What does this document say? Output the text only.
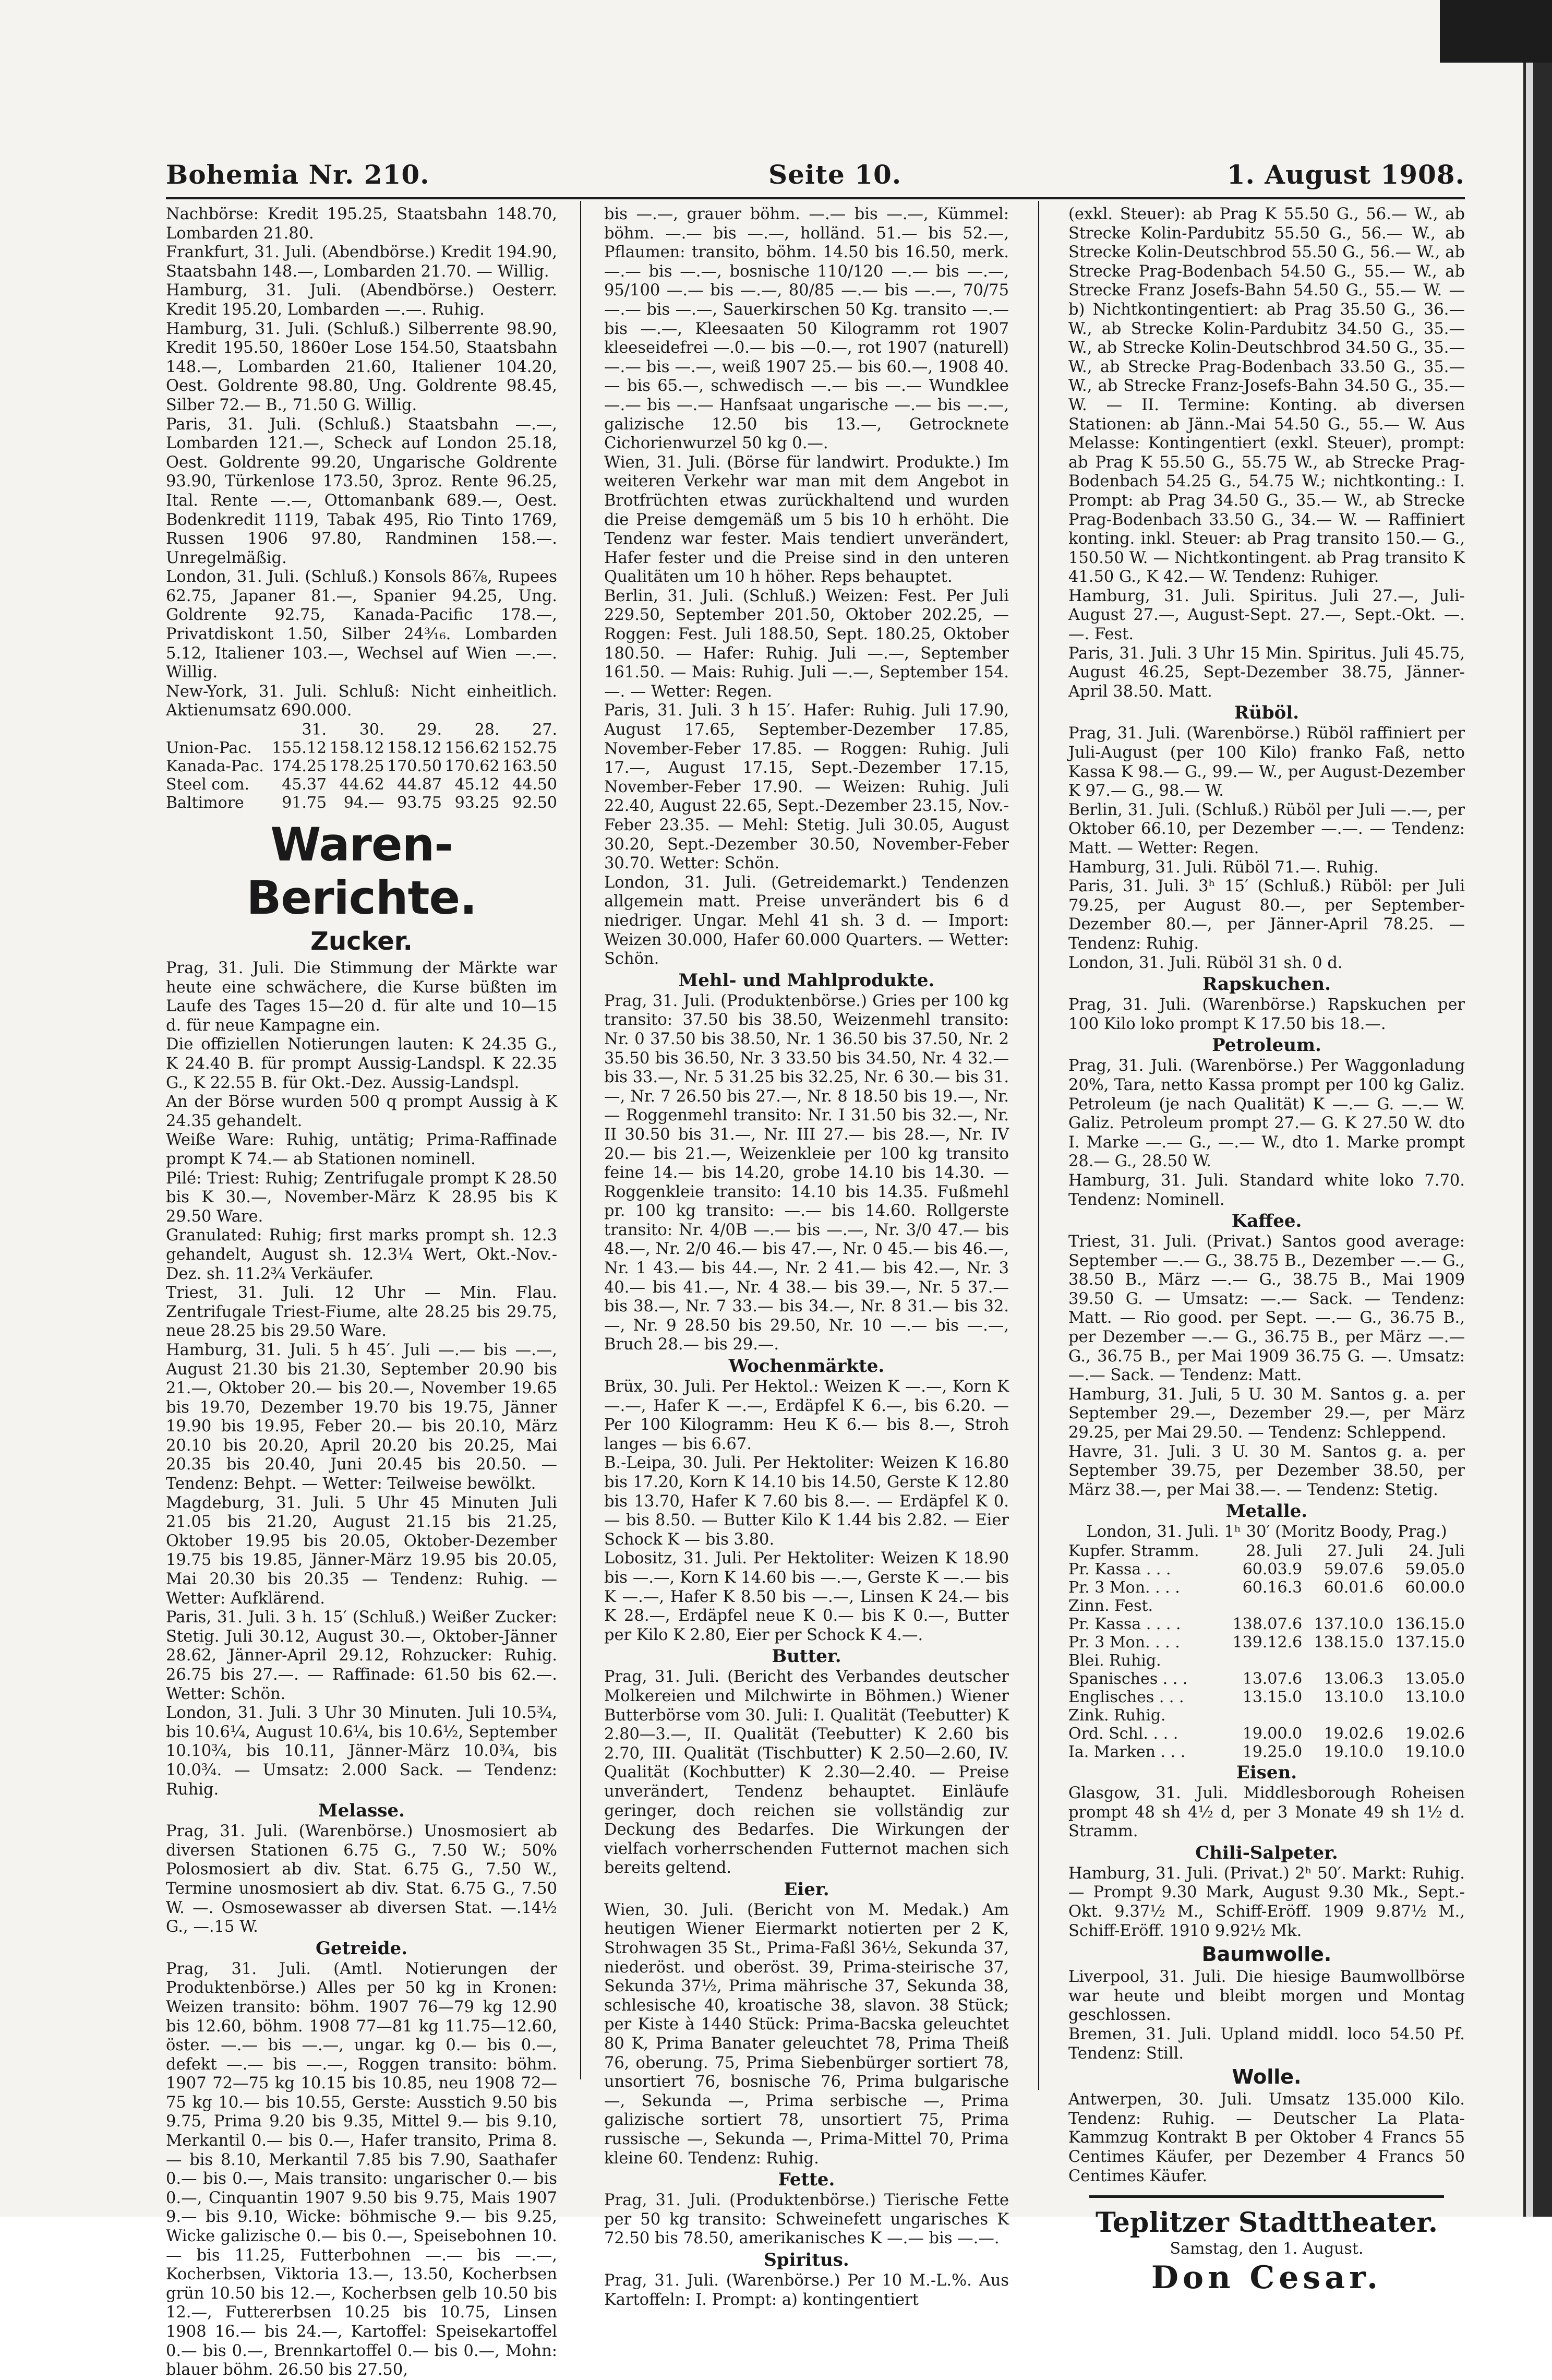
Bohemia Nr. 210.	Seite 10.	1. August 1908.

Nachbörse: Kredit 195.25, Staatsbahn 148.70, Lombarden 21.80.

Frankfurt, 31. Juli. (Abendbörse.) Kredit 194.90, Staatsbahn 148.—, Lombarden 21.70. — Willig.

Hamburg, 31. Juli. (Abendbörse.) Oesterr. Kredit 195.20, Lombarden —.—. Ruhig.

Hamburg, 31. Juli. (Schluß.) Silberrente 98.90, Kredit 195.50, 1860er Lose 154.50, Staatsbahn 148.—, Lombarden 21.60, Italiener 104.20, Oest. Goldrente 98.80, Ung. Goldrente 98.45, Silber 72.— B., 71.50 G. Willig.

Paris, 31. Juli. (Schluß.) Staatsbahn —.—, Lombarden 121.—, Scheck auf London 25.18, Oest. Goldrente 99.20, Ungarische Goldrente 93.90, Türkenlose 173.50, 3proz. Rente 96.25, Ital. Rente —.—, Ottomanbank 689.—, Oest. Bodenkredit 1119, Tabak 495, Rio Tinto 1769, Russen 1906 97.80, Randminen 158.—. Unregelmäßig.

London, 31. Juli. (Schluß.) Konsols 86⅞, Rupees 62.75, Japaner 81.—, Spanier 94.25, Ung. Goldrente 92.75, Kanada-Pacific 178.—, Privatdiskont 1.50, Silber 24³⁄₁₆. Lombarden 5.12, Italiener 103.—, Wechsel auf Wien —.—. Willig.

New-York, 31. Juli. Schluß: Nicht einheitlich. Aktienumsatz 690.000.

	31.	30.	29.	28.	27.
Union-Pac.	155.12	158.12	158.12	156.62	152.75
Kanada-Pac.	174.25	178.25	170.50	170.62	163.50
Steel com.	45.37	44.62	44.87	45.12	44.50
Baltimore	91.75	94.—	93.75	93.25	92.50
Waren-Berichte.
Zucker.

Prag, 31. Juli. Die Stimmung der Märkte war heute eine schwächere, die Kurse büßten im Laufe des Tages 15—20 d. für alte und 10—15 d. für neue Kampagne ein.

Die offiziellen Notierungen lauten: K 24.35 G., K 24.40 B. für prompt Aussig-Landspl. K 22.35 G., K 22.55 B. für Okt.-Dez. Aussig-Landspl.

An der Börse wurden 500 q prompt Aussig à K 24.35 gehandelt.

Weiße Ware: Ruhig, untätig; Prima-Raffinade prompt K 74.— ab Stationen nominell.

Pilé: Triest: Ruhig; Zentrifugale prompt K 28.50 bis K 30.—, November-März K 28.95 bis K 29.50 Ware.

Granulated: Ruhig; first marks prompt sh. 12.3 gehandelt, August sh. 12.3¼ Wert, Okt.-Nov.-Dez. sh. 11.2¾ Verkäufer.

Triest, 31. Juli. 12 Uhr — Min. Flau. Zentrifugale Triest-Fiume, alte 28.25 bis 29.75, neue 28.25 bis 29.50 Ware.

Hamburg, 31. Juli. 5 h 45′. Juli —.— bis —.—, August 21.30 bis 21.30, September 20.90 bis 21.—, Oktober 20.— bis 20.—, November 19.65 bis 19.70, Dezember 19.70 bis 19.75, Jänner 19.90 bis 19.95, Feber 20.— bis 20.10, März 20.10 bis 20.20, April 20.20 bis 20.25, Mai 20.35 bis 20.40, Juni 20.45 bis 20.50. — Tendenz: Behpt. — Wetter: Teilweise bewölkt.

Magdeburg, 31. Juli. 5 Uhr 45 Minuten Juli 21.05 bis 21.20, August 21.15 bis 21.25, Oktober 19.95 bis 20.05, Oktober-Dezember 19.75 bis 19.85, Jänner-März 19.95 bis 20.05, Mai 20.30 bis 20.35 — Tendenz: Ruhig. — Wetter: Aufklärend.

Paris, 31. Juli. 3 h. 15′ (Schluß.) Weißer Zucker: Stetig. Juli 30.12, August 30.—, Oktober-Jänner 28.62, Jänner-April 29.12, Rohzucker: Ruhig. 26.75 bis 27.—. — Raffinade: 61.50 bis 62.—. Wetter: Schön.

London, 31. Juli. 3 Uhr 30 Minuten. Juli 10.5¾, bis 10.6¼, August 10.6¼, bis 10.6½, September 10.10¾, bis 10.11, Jänner-März 10.0¾, bis 10.0¾. — Umsatz: 2.000 Sack. — Tendenz: Ruhig.

Melasse.

Prag, 31. Juli. (Warenbörse.) Unosmosiert ab diversen Stationen 6.75 G., 7.50 W.; 50% Polosmosiert ab div. Stat. 6.75 G., 7.50 W., Termine unosmosiert ab div. Stat. 6.75 G., 7.50 W. —. Osmosewasser ab diversen Stat. —.14½ G., —.15 W.

Getreide.

Prag, 31. Juli. (Amtl. Notierungen der Produktenbörse.) Alles per 50 kg in Kronen: Weizen transito: böhm. 1907 76—79 kg 12.90 bis 12.60, böhm. 1908 77—81 kg 11.75—12.60, öster. —.— bis —.—, ungar. kg 0.— bis 0.—, defekt —.— bis —.—, Roggen transito: böhm. 1907 72—75 kg 10.15 bis 10.85, neu 1908 72—75 kg 10.— bis 10.55, Gerste: Ausstich 9.50 bis 9.75, Prima 9.20 bis 9.35, Mittel 9.— bis 9.10, Merkantil 0.— bis 0.—, Hafer transito, Prima 8.— bis 8.10, Merkantil 7.85 bis 7.90, Saathafer 0.— bis 0.—, Mais transito: ungarischer 0.— bis 0.—, Cinquantin 1907 9.50 bis 9.75, Mais 1907 9.— bis 9.10, Wicke: böhmische 9.— bis 9.25, Wicke galizische 0.— bis 0.—, Speisebohnen 10.— bis 11.25, Futterbohnen —.— bis —.—, Kocherbsen, Viktoria 13.—, 13.50, Kocherbsen grün 10.50 bis 12.—, Kocherbsen gelb 10.50 bis 12.—, Futtererbsen 10.25 bis 10.75, Linsen 1908 16.— bis 24.—, Kartoffel: Speisekartoffel 0.— bis 0.—, Brennkartoffel 0.— bis 0.—, Mohn: blauer böhm. 26.50 bis 27.50,

bis —.—, grauer böhm. —.— bis —.—, Kümmel: böhm. —.— bis —.—, holländ. 51.— bis 52.—, Pflaumen: transito, böhm. 14.50 bis 16.50, merk. —.— bis —.—, bosnische 110/120 —.— bis —.—, 95/100 —.— bis —.—, 80/85 —.— bis —.—, 70/75 —.— bis —.—, Sauerkirschen 50 Kg. transito —.— bis —.—, Kleesaaten 50 Kilogramm rot 1907 kleeseidefrei —.0.— bis —0.—, rot 1907 (naturell) —.— bis —.—, weiß 1907 25.— bis 60.—, 1908 40.— bis 65.—, schwedisch —.— bis —.— Wundklee —.— bis —.— Hanfsaat ungarische —.— bis —.—, galizische 12.50 bis 13.—, Getrocknete Cichorienwurzel 50 kg 0.—.

Wien, 31. Juli. (Börse für landwirt. Produkte.) Im weiteren Verkehr war man mit dem Angebot in Brotfrüchten etwas zurückhaltend und wurden die Preise demgemäß um 5 bis 10 h erhöht. Die Tendenz war fester. Mais tendiert unverändert, Hafer fester und die Preise sind in den unteren Qualitäten um 10 h höher. Reps behauptet.

Berlin, 31. Juli. (Schluß.) Weizen: Fest. Per Juli 229.50, September 201.50, Oktober 202.25, — Roggen: Fest. Juli 188.50, Sept. 180.25, Oktober 180.50. — Hafer: Ruhig. Juli —.—, September 161.50. — Mais: Ruhig. Juli —.—, September 154.—. — Wetter: Regen.

Paris, 31. Juli. 3 h 15′. Hafer: Ruhig. Juli 17.90, August 17.65, September-Dezember 17.85, November-Feber 17.85. — Roggen: Ruhig. Juli 17.—, August 17.15, Sept.-Dezember 17.15, November-Feber 17.90. — Weizen: Ruhig. Juli 22.40, August 22.65, Sept.-Dezember 23.15, Nov.-Feber 23.35. — Mehl: Stetig. Juli 30.05, August 30.20, Sept.-Dezember 30.50, November-Feber 30.70. Wetter: Schön.

London, 31. Juli. (Getreidemarkt.) Tendenzen allgemein matt. Preise unverändert bis 6 d niedriger. Ungar. Mehl 41 sh. 3 d. — Import: Weizen 30.000, Hafer 60.000 Quarters. — Wetter: Schön.

Mehl- und Mahlprodukte.

Prag, 31. Juli. (Produktenbörse.) Gries per 100 kg transito: 37.50 bis 38.50, Weizenmehl transito: Nr. 0 37.50 bis 38.50, Nr. 1 36.50 bis 37.50, Nr. 2 35.50 bis 36.50, Nr. 3 33.50 bis 34.50, Nr. 4 32.— bis 33.—, Nr. 5 31.25 bis 32.25, Nr. 6 30.— bis 31.—, Nr. 7 26.50 bis 27.—, Nr. 8 18.50 bis 19.—, Nr. — Roggenmehl transito: Nr. I 31.50 bis 32.—, Nr. II 30.50 bis 31.—, Nr. III 27.— bis 28.—, Nr. IV 20.— bis 21.—, Weizenkleie per 100 kg transito feine 14.— bis 14.20, grobe 14.10 bis 14.30. — Roggenkleie transito: 14.10 bis 14.35. Fußmehl pr. 100 kg transito: —.— bis 14.60. Rollgerste transito: Nr. 4/0B —.— bis —.—, Nr. 3/0 47.— bis 48.—, Nr. 2/0 46.— bis 47.—, Nr. 0 45.— bis 46.—, Nr. 1 43.— bis 44.—, Nr. 2 41.— bis 42.—, Nr. 3 40.— bis 41.—, Nr. 4 38.— bis 39.—, Nr. 5 37.— bis 38.—, Nr. 7 33.— bis 34.—, Nr. 8 31.— bis 32.—, Nr. 9 28.50 bis 29.50, Nr. 10 —.— bis —.—, Bruch 28.— bis 29.—.

Wochenmärkte.

Brüx, 30. Juli. Per Hektol.: Weizen K —.—, Korn K —.—, Hafer K —.—, Erdäpfel K 6.—, bis 6.20. — Per 100 Kilogramm: Heu K 6.— bis 8.—, Stroh langes — bis 6.67.

B.-Leipa, 30. Juli. Per Hektoliter: Weizen K 16.80 bis 17.20, Korn K 14.10 bis 14.50, Gerste K 12.80 bis 13.70, Hafer K 7.60 bis 8.—. — Erdäpfel K 0.— bis 8.50. — Butter Kilo K 1.44 bis 2.82. — Eier Schock K — bis 3.80.

Lobositz, 31. Juli. Per Hektoliter: Weizen K 18.90 bis —.—, Korn K 14.60 bis —.—, Gerste K —.— bis K —.—, Hafer K 8.50 bis —.—, Linsen K 24.— bis K 28.—, Erdäpfel neue K 0.— bis K 0.—, Butter per Kilo K 2.80, Eier per Schock K 4.—.

Butter.

Prag, 31. Juli. (Bericht des Verbandes deutscher Molkereien und Milchwirte in Böhmen.) Wiener Butterbörse vom 30. Juli: I. Qualität (Teebutter) K 2.80—3.—, II. Qualität (Teebutter) K 2.60 bis 2.70, III. Qualität (Tischbutter) K 2.50—2.60, IV. Qualität (Kochbutter) K 2.30—2.40. — Preise unverändert, Tendenz behauptet. Einläufe geringer, doch reichen sie vollständig zur Deckung des Bedarfes. Die Wirkungen der vielfach vorherrschenden Futternot machen sich bereits geltend.

Eier.

Wien, 30. Juli. (Bericht von M. Medak.) Am heutigen Wiener Eiermarkt notierten per 2 K, Strohwagen 35 St., Prima-Faßl 36½, Sekunda 37, niederöst. und oberöst. 39, Prima-steirische 37, Sekunda 37½, Prima mährische 37, Sekunda 38, schlesische 40, kroatische 38, slavon. 38 Stück; per Kiste à 1440 Stück: Prima-Bacska geleuchtet 80 K, Prima Banater geleuchtet 78, Prima Theiß 76, oberung. 75, Prima Siebenbürger sortiert 78, unsortiert 76, bosnische 76, Prima bulgarische —, Sekunda —, Prima serbische —, Prima galizische sortiert 78, unsortiert 75, Prima russische —, Sekunda —, Prima-Mittel 70, Prima kleine 60. Tendenz: Ruhig.

Fette.

Prag, 31. Juli. (Produktenbörse.) Tierische Fette per 50 kg transito: Schweinefett ungarisches K 72.50 bis 78.50, amerikanisches K —.— bis —.—.

Spiritus.

Prag, 31. Juli. (Warenbörse.) Per 10 M.-L.%. Aus Kartoffeln: I. Prompt: a) kontingentiert

(exkl. Steuer): ab Prag K 55.50 G., 56.— W., ab Strecke Kolin-Pardubitz 55.50 G., 56.— W., ab Strecke Kolin-Deutschbrod 55.50 G., 56.— W., ab Strecke Prag-Bodenbach 54.50 G., 55.— W., ab Strecke Franz Josefs-Bahn 54.50 G., 55.— W. — b) Nichtkontingentiert: ab Prag 35.50 G., 36.— W., ab Strecke Kolin-Pardubitz 34.50 G., 35.— W., ab Strecke Kolin-Deutschbrod 34.50 G., 35.— W., ab Strecke Prag-Bodenbach 33.50 G., 35.— W., ab Strecke Franz-Josefs-Bahn 34.50 G., 35.— W. — II. Termine: Konting. ab diversen Stationen: ab Jänn.-Mai 54.50 G., 55.— W. Aus Melasse: Kontingentiert (exkl. Steuer), prompt: ab Prag K 55.50 G., 55.75 W., ab Strecke Prag-Bodenbach 54.25 G., 54.75 W.; nichtkonting.: I. Prompt: ab Prag 34.50 G., 35.— W., ab Strecke Prag-Bodenbach 33.50 G., 34.— W. — Raffiniert konting. inkl. Steuer: ab Prag transito 150.— G., 150.50 W. — Nichtkontingent. ab Prag transito K 41.50 G., K 42.— W. Tendenz: Ruhiger.

Hamburg, 31. Juli. Spiritus. Juli 27.—, Juli-August 27.—, August-Sept. 27.—, Sept.-Okt. —.—. Fest.

Paris, 31. Juli. 3 Uhr 15 Min. Spiritus. Juli 45.75, August 46.25, Sept-Dezember 38.75, Jänner-April 38.50. Matt.

Rüböl.

Prag, 31. Juli. (Warenbörse.) Rüböl raffiniert per Juli-August (per 100 Kilo) franko Faß, netto Kassa K 98.— G., 99.— W., per August-Dezember K 97.— G., 98.— W.

Berlin, 31. Juli. (Schluß.) Rüböl per Juli —.—, per Oktober 66.10, per Dezember —.—. — Tendenz: Matt. — Wetter: Regen.

Hamburg, 31. Juli. Rüböl 71.—. Ruhig.

Paris, 31. Juli. 3ʰ 15′ (Schluß.) Rüböl: per Juli 79.25, per August 80.—, per September-Dezember 80.—, per Jänner-April 78.25. — Tendenz: Ruhig.

London, 31. Juli. Rüböl 31 sh. 0 d.

Rapskuchen.

Prag, 31. Juli. (Warenbörse.) Rapskuchen per 100 Kilo loko prompt K 17.50 bis 18.—.

Petroleum.

Prag, 31. Juli. (Warenbörse.) Per Waggonladung 20%, Tara, netto Kassa prompt per 100 kg Galiz. Petroleum (je nach Qualität) K —.— G. —.— W. Galiz. Petroleum prompt 27.— G. K 27.50 W. dto I. Marke —.— G., —.— W., dto 1. Marke prompt 28.— G., 28.50 W.

Hamburg, 31. Juli. Standard white loko 7.70. Tendenz: Nominell.

Kaffee.

Triest, 31. Juli. (Privat.) Santos good average: September —.— G., 38.75 B., Dezember —.— G., 38.50 B., März —.— G., 38.75 B., Mai 1909 39.50 G. — Umsatz: —.— Sack. — Tendenz: Matt. — Rio good. per Sept. —.— G., 36.75 B., per Dezember —.— G., 36.75 B., per März —.— G., 36.75 B., per Mai 1909 36.75 G. —. Umsatz: —.— Sack. — Tendenz: Matt.

Hamburg, 31. Juli, 5 U. 30 M. Santos g. a. per September 29.—, Dezember 29.—, per März 29.25, per Mai 29.50. — Tendenz: Schleppend.

Havre, 31. Juli. 3 U. 30 M. Santos g. a. per September 39.75, per Dezember 38.50, per März 38.—, per Mai 38.—. — Tendenz: Stetig.

Metalle.

London, 31. Juli. 1ʰ 30′ (Moritz Boody, Prag.)

Kupfer. Stramm.	28. Juli	27. Juli	24. Juli
Pr. Kassa . . .	60.03.9	59.07.6	59.05.0
Pr. 3 Mon. . . .	60.16.3	60.01.6	60.00.0
Zinn. Fest.			
Pr. Kassa . . . .	138.07.6	137.10.0	136.15.0
Pr. 3 Mon. . . .	139.12.6	138.15.0	137.15.0
Blei. Ruhig.			
Spanisches . . .	13.07.6	13.06.3	13.05.0
Englisches . . .	13.15.0	13.10.0	13.10.0
Zink. Ruhig.			
Ord. Schl. . . .	19.00.0	19.02.6	19.02.6
Ia. Marken . . .	19.25.0	19.10.0	19.10.0
Eisen.

Glasgow, 31. Juli. Middlesborough Roheisen prompt 48 sh 4½ d, per 3 Monate 49 sh 1½ d. Stramm.

Chili-Salpeter.

Hamburg, 31. Juli. (Privat.) 2ʰ 50′. Markt: Ruhig. — Prompt 9.30 Mark, August 9.30 Mk., Sept.-Okt. 9.37½ M., Schiff-Eröff. 1909 9.87½ M., Schiff-Eröff. 1910 9.92½ Mk.

Baumwolle.

Liverpool, 31. Juli. Die hiesige Baumwollbörse war heute und bleibt morgen und Montag geschlossen.

Bremen, 31. Juli. Upland middl. loco 54.50 Pf. Tendenz: Still.

Wolle.

Antwerpen, 30. Juli. Umsatz 135.000 Kilo. Tendenz: Ruhig. — Deutscher La Plata-Kammzug Kontrakt B per Oktober 4 Francs 55 Centimes Käufer, per Dezember 4 Francs 50 Centimes Käufer.

Teplitzer Stadttheater.
Samstag, den 1. August.
Don Cesar.
